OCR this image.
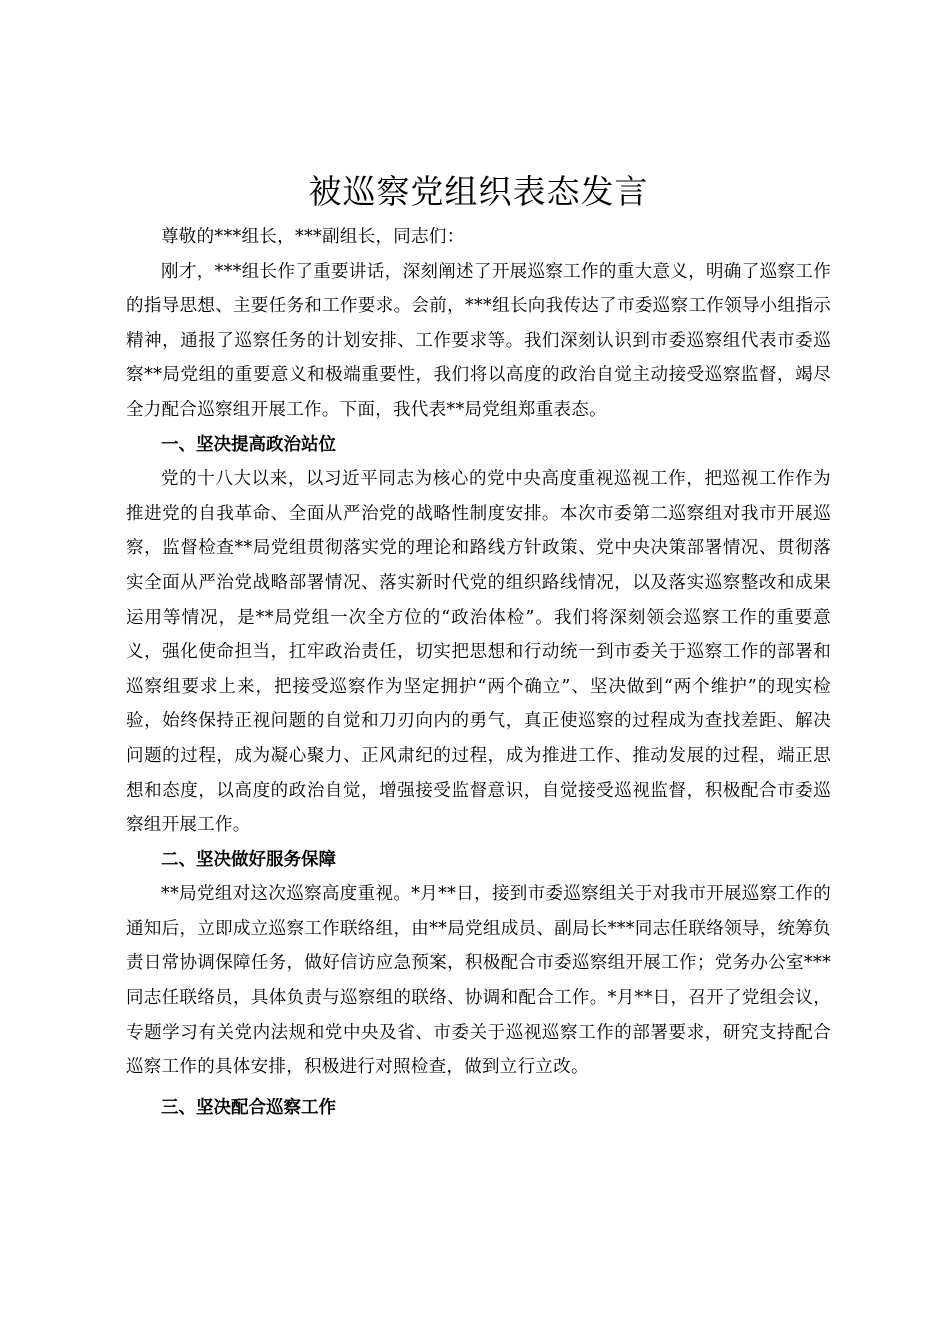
被巡察党组织表态发言

尊敬的***组长，***副组长，同志们：

刚才，***组长作了重要讲话，深刻阐述了开展巡察工作的重大意义，明确了巡察工作的指导思想、主要任务和工作要求。会前，***组长向我传达了市委巡察工作领导小组指示精神，通报了巡察任务的计划安排、工作要求等。我们深刻认识到市委巡察组代表市委巡察**局党组的重要意义和极端重要性，我们将以高度的政治自觉主动接受巡察监督，竭尽全力配合巡察组开展工作。下面，我代表**局党组郑重表态。

一、坚决提高政治站位

党的十八大以来，以习近平同志为核心的党中央高度重视巡视工作，把巡视工作作为推进党的自我革命、全面从严治党的战略性制度安排。本次市委第二巡察组对我市开展巡察，监督检查**局党组贯彻落实党的理论和路线方针政策、党中央决策部署情况、贯彻落实全面从严治党战略部署情况、落实新时代党的组织路线情况，以及落实巡察整改和成果运用等情况，是**局党组一次全方位的“政治体检”。我们将深刻领会巡察工作的重要意义，强化使命担当，扛牢政治责任，切实把思想和行动统一到市委关于巡察工作的部署和巡察组要求上来，把接受巡察作为坚定拥护“两个确立”、坚决做到“两个维护”的现实检验，始终保持正视问题的自觉和刀刃向内的勇气，真正使巡察的过程成为查找差距、解决问题的过程，成为凝心聚力、正风肃纪的过程，成为推进工作、推动发展的过程，端正思想和态度，以高度的政治自觉，增强接受监督意识，自觉接受巡视监督，积极配合市委巡察组开展工作。

二、坚决做好服务保障

**局党组对这次巡察高度重视。*月**日，接到市委巡察组关于对我市开展巡察工作的通知后，立即成立巡察工作联络组，由**局党组成员、副局长***同志任联络领导，统筹负责日常协调保障任务，做好信访应急预案，积极配合市委巡察组开展工作；党务办公室***同志任联络员，具体负责与巡察组的联络、协调和配合工作。*月**日，召开了党组会议，专题学习有关党内法规和党中央及省、市委关于巡视巡察工作的部署要求，研究支持配合巡察工作的具体安排，积极进行对照检查，做到立行立改。

三、坚决配合巡察工作
